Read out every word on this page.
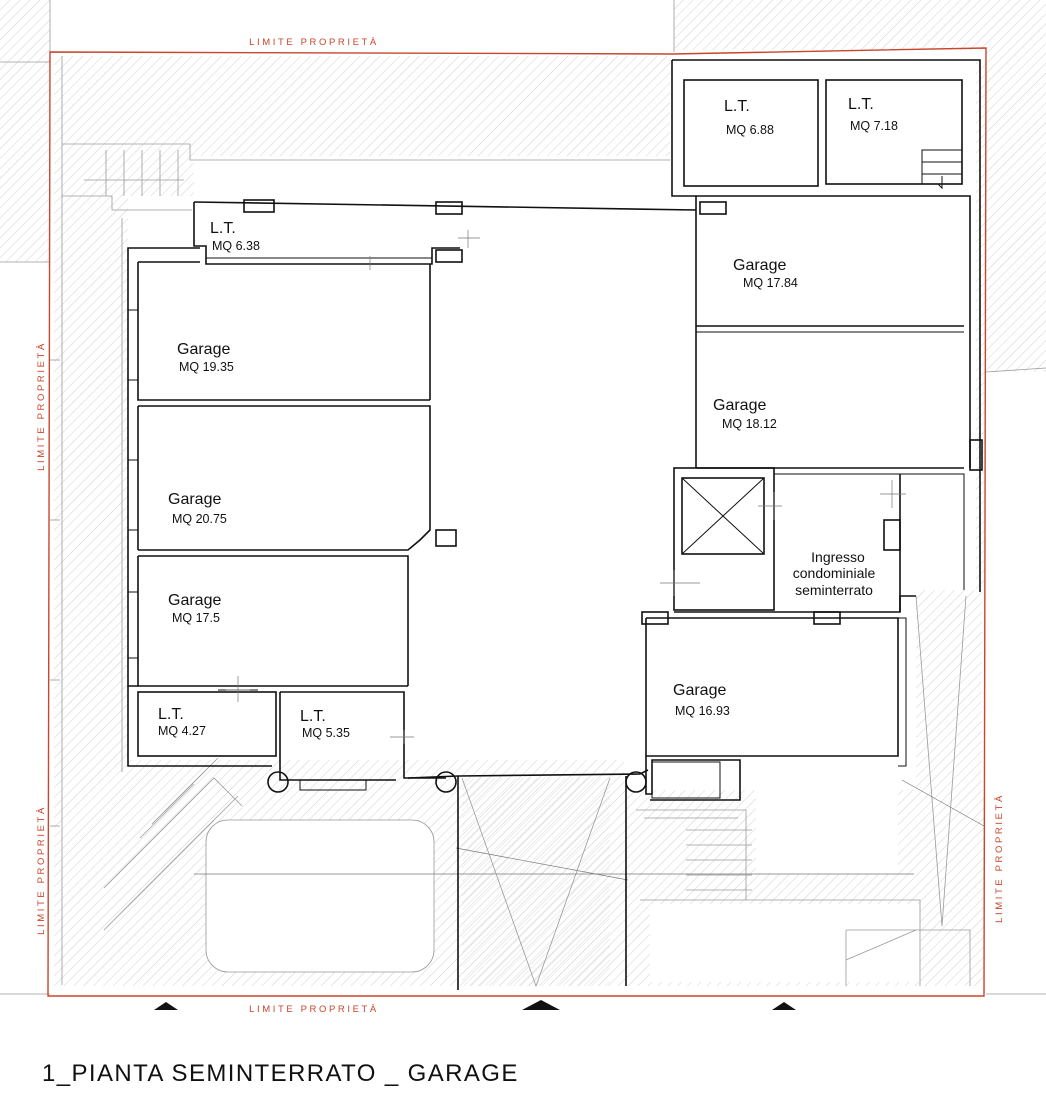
L.T.
MQ 6.88
L.T.
MQ 7.18
L.T.
MQ 6.38
Garage
MQ 17.84
Garage
MQ 19.35
Garage
MQ 18.12
Garage
MQ 20.75
Garage
MQ 17.5
Garage
MQ 16.93
L.T.
MQ 4.27
L.T.
MQ 5.35
Ingresso
condominiale
seminterrato
LIMITE PROPRIETÀ
LIMITE PROPRIETÀ
LIMITE PROPRIETÀ
LIMITE PROPRIETÀ	LIMITE PROPRIETÀ
1_PIANTA SEMINTERRATO _ GARAGE
